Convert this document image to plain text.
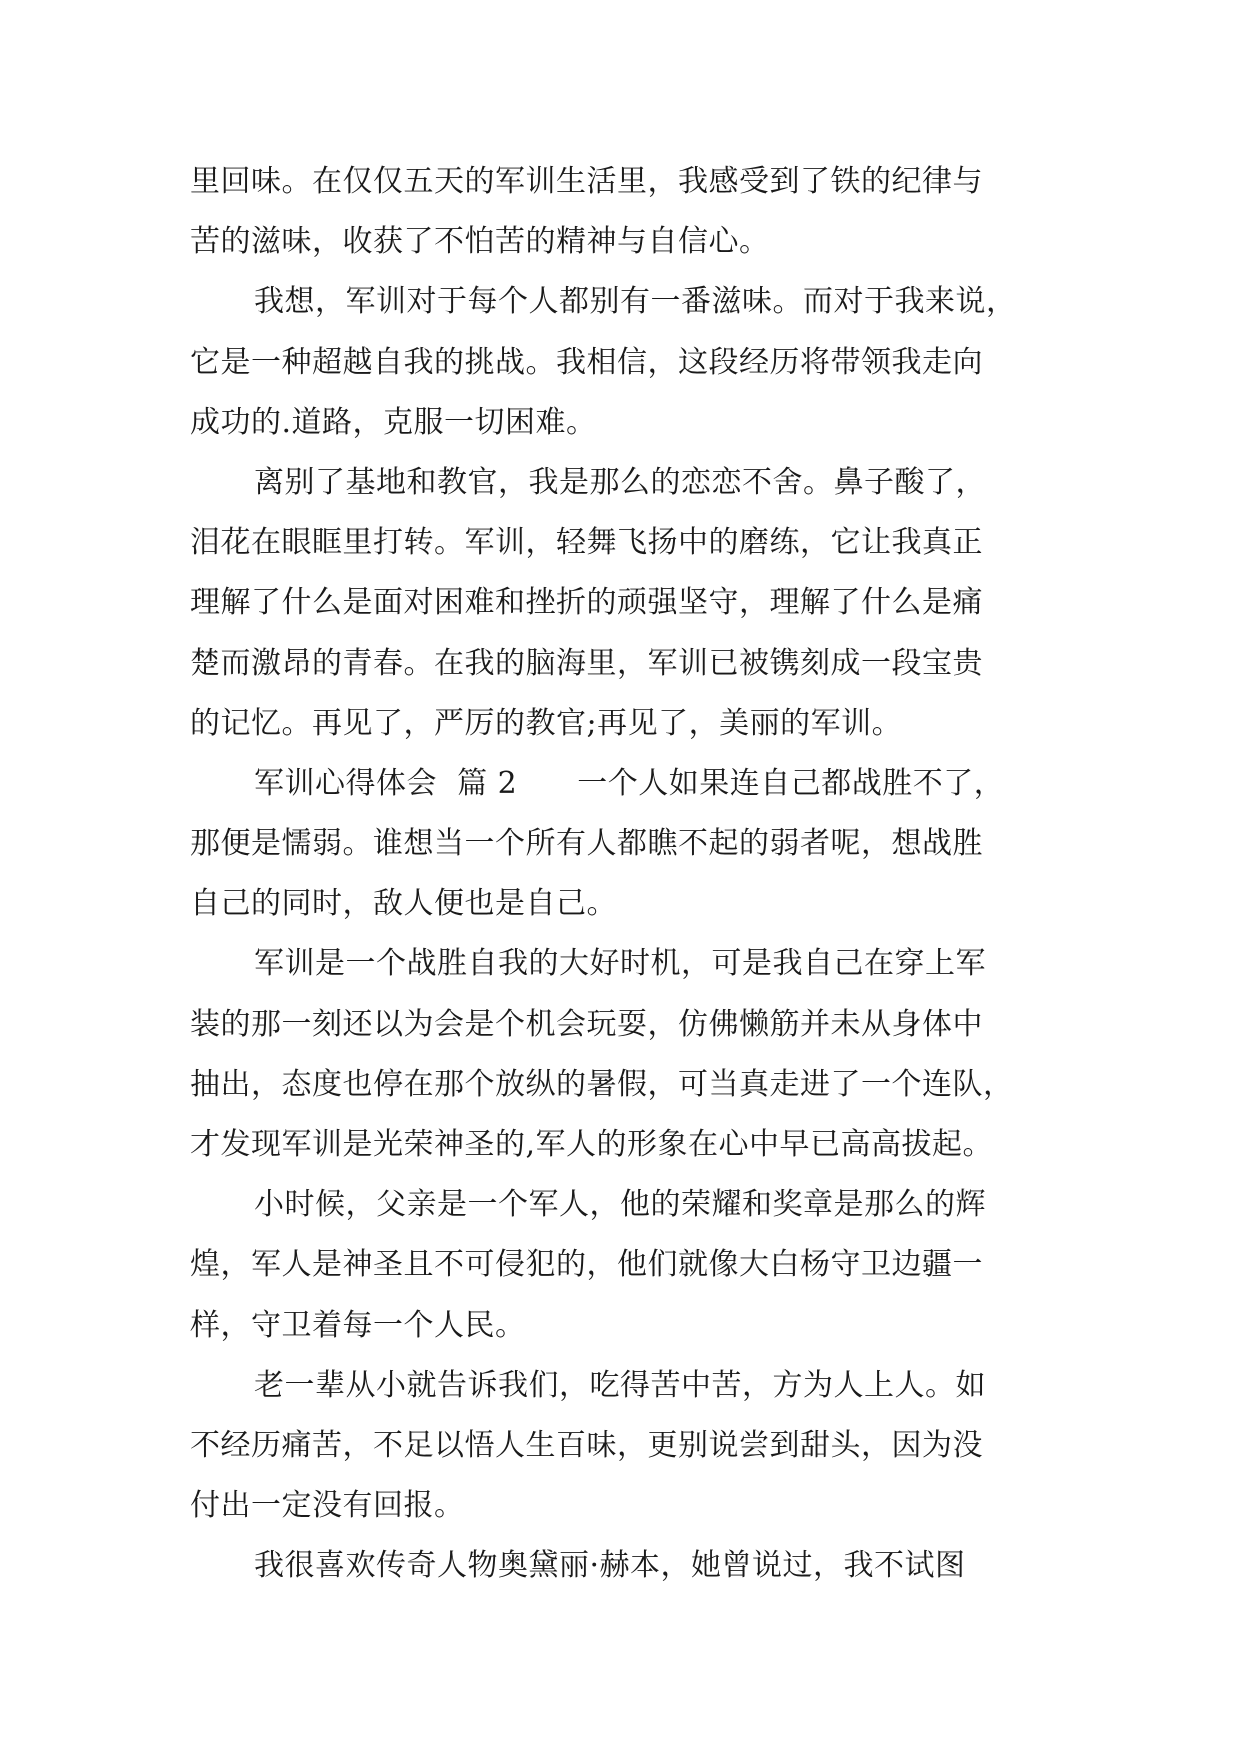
里回味。在仅仅五天的军训生活里，我感受到了铁的纪律与
苦的滋味，收获了不怕苦的精神与自信心。
我想，军训对于每个人都别有一番滋味。而对于我来说，
它是一种超越自我的挑战。我相信，这段经历将带领我走向
成功的.道路，克服一切困难。
离别了基地和教官，我是那么的恋恋不舍。鼻子酸了，
泪花在眼眶里打转。军训，轻舞飞扬中的磨练，它让我真正
理解了什么是面对困难和挫折的顽强坚守，理解了什么是痛
楚而激昂的青春。在我的脑海里，军训已被镌刻成一段宝贵
的记忆。再见了，严厉的教官;再见了，美丽的军训。
军训心得体会  篇 2 一个人如果连自己都战胜不了，
那便是懦弱。谁想当一个所有人都瞧不起的弱者呢，想战胜
自己的同时，敌人便也是自己。
军训是一个战胜自我的大好时机，可是我自己在穿上军
装的那一刻还以为会是个机会玩耍，仿佛懒筋并未从身体中
抽出，态度也停在那个放纵的暑假，可当真走进了一个连队，
才发现军训是光荣神圣的,军人的形象在心中早已高高拔起。
小时候，父亲是一个军人，他的荣耀和奖章是那么的辉
煌，军人是神圣且不可侵犯的，他们就像大白杨守卫边疆一
样，守卫着每一个人民。
老一辈从小就告诉我们，吃得苦中苦，方为人上人。如
不经历痛苦，不足以悟人生百味，更别说尝到甜头，因为没
付出一定没有回报。
我很喜欢传奇人物奥黛丽·赫本，她曾说过，我不试图
